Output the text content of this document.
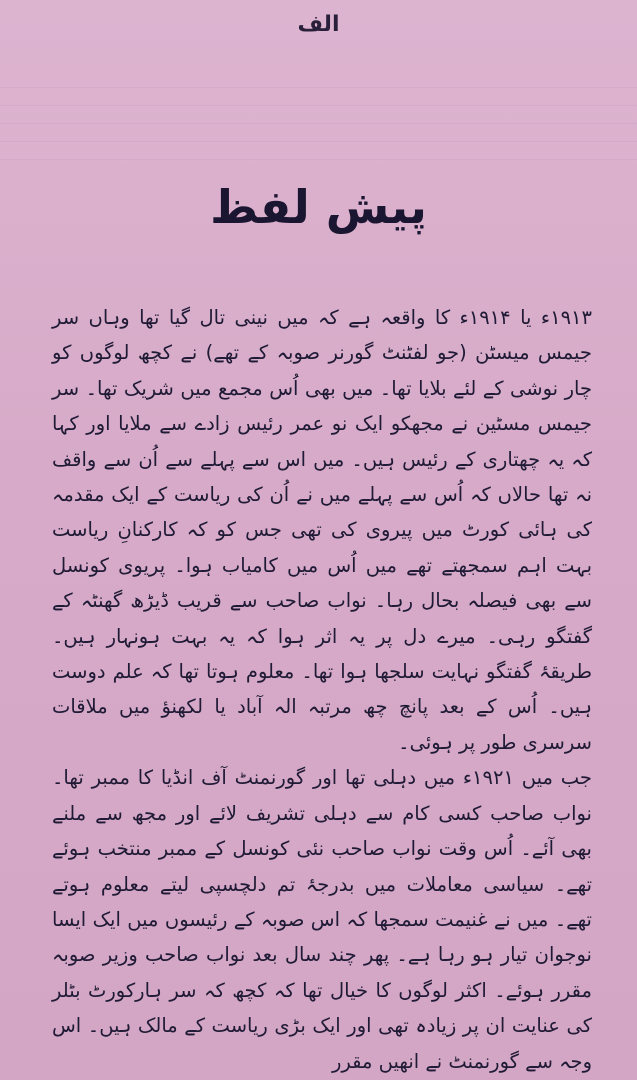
الف
پیش لفظ

۱۹۱۳ء یا ۱۹۱۴ء کا واقعہ ہے کہ میں نینی تال گیا تھا وہاں سر جیمس میسٹن (جو لفٹنٹ گورنر صوبہ کے تھے) نے کچھ لوگوں کو چار نوشی کے لئے بلایا تھا۔ میں بھی اُس مجمع میں شریک تھا۔ سر جیمس مسٹین نے مجھکو ایک نو عمر رئیس زادے سے ملایا اور کہا کہ یہ چھتاری کے رئیس ہیں۔ میں اس سے پہلے سے اُن سے واقف نہ تھا حالاں کہ اُس سے پہلے میں نے اُن کی ریاست کے ایک مقدمہ کی ہائی کورٹ میں پیروی کی تھی جس کو کہ کارکنانِ ریاست بہت اہم سمجھتے تھے میں اُس میں کامیاب ہوا۔ پریوی کونسل سے بھی فیصلہ بحال رہا۔ نواب صاحب سے قریب ڈیڑھ گھنٹہ کے گفتگو رہی۔ میرے دل پر یہ اثر ہوا کہ یہ بہت ہونہار ہیں۔ طریقۂ گفتگو نہایت سلجھا ہوا تھا۔ معلوم ہوتا تھا کہ علم دوست ہیں۔ اُس کے بعد پانچ چھ مرتبہ الہ آباد یا لکھنؤ میں ملاقات سرسری طور پر ہوئی۔

جب میں ۱۹۲۱ء میں دہلی تھا اور گورنمنٹ آف انڈیا کا ممبر تھا۔ نواب صاحب کسی کام سے دہلی تشریف لائے اور مجھ سے ملنے بھی آئے۔ اُس وقت نواب صاحب نئی کونسل کے ممبر منتخب ہوئے تھے۔ سیاسی معاملات میں بدرجۂ تم دلچسپی لیتے معلوم ہوتے تھے۔ میں نے غنیمت سمجھا کہ اس صوبہ کے رئیسوں میں ایک ایسا نوجوان تیار ہو رہا ہے۔ پھر چند سال بعد نواب صاحب وزیر صوبہ مقرر ہوئے۔ اکثر لوگوں کا خیال تھا کہ کچھ کہ سر ہارکورٹ بٹلر کی عنایت ان پر زیادہ تھی اور ایک بڑی ریاست کے مالک ہیں۔ اس وجہ سے گورنمنٹ نے انھیں مقرر
